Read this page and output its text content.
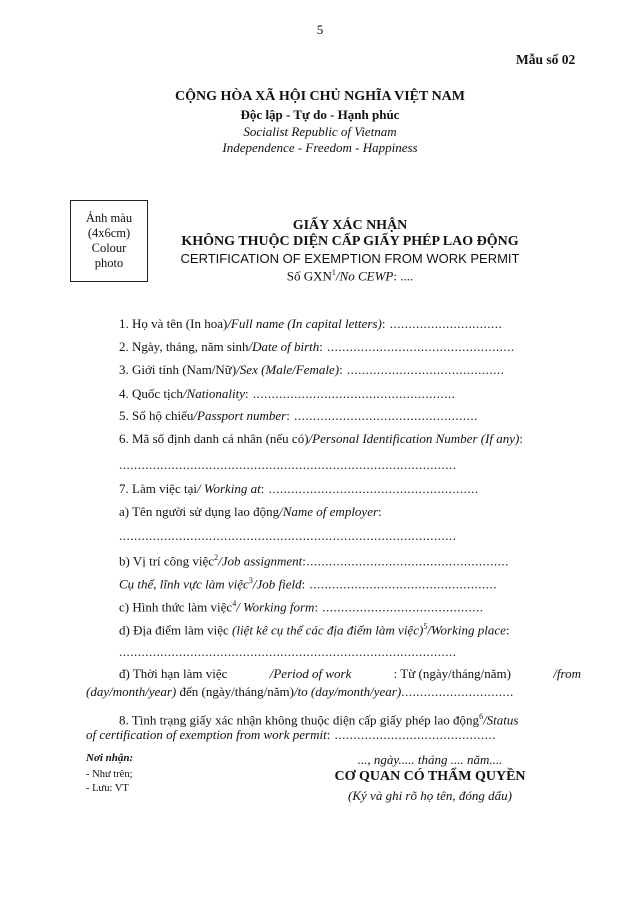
5
Mẫu số 02
CỘNG HÒA XÃ HỘI CHỦ NGHĨA VIỆT NAM
Độc lập - Tự do - Hạnh phúc
Socialist Republic of Vietnam
Independence - Freedom - Happiness
Ảnh màu
(4x6cm)
Colour
photo
GIẤY XÁC NHẬN
KHÔNG THUỘC DIỆN CẤP GIẤY PHÉP LAO ĐỘNG
CERTIFICATION OF EXEMPTION FROM WORK PERMIT
Số GXN$^1$/No CEWP: ....
1. Họ và tên (In hoa)/Full name (In capital letters): ..............................
2. Ngày, tháng, năm sinh/Date of birth: ..................................................
3. Giới tính (Nam/Nữ)/Sex (Male/Female): ..........................................
4. Quốc tịch/Nationality: ......................................................
5. Số hộ chiếu/Passport number: .................................................
6. Mã số định danh cá nhân (nếu có)/Personal Identification Number (If any):
..........................................................................................
7. Làm việc tại/ Working at: ........................................................
a) Tên người sử dụng lao động/Name of employer:
..........................................................................................
b) Vị trí công việc$^2$/Job assignment:......................................................
Cụ thể, lĩnh vực làm việc$^3$/Job field: ..................................................
c) Hình thức làm việc$^4$/ Working form: ...........................................
d) Địa điểm làm việc (liệt kê cụ thể các địa điểm làm việc)$^5$/Working place:
..........................................................................................
đ) Thời hạn làm việc	/Period of work	: Từ (ngày/tháng/năm)	/from
(day/month/year) đến (ngày/tháng/năm)/to (day/month/year)..............................
8. Tình trạng giấy xác nhận không thuộc diện cấp giấy phép lao động$^6$/Status
of certification of exemption from work permit: ...........................................
Nơi nhận:
- Như trên;
- Lưu: VT
..., ngày..... tháng .... năm....
CƠ QUAN CÓ THẨM QUYỀN
(Ký và ghi rõ họ tên, đóng dấu)
